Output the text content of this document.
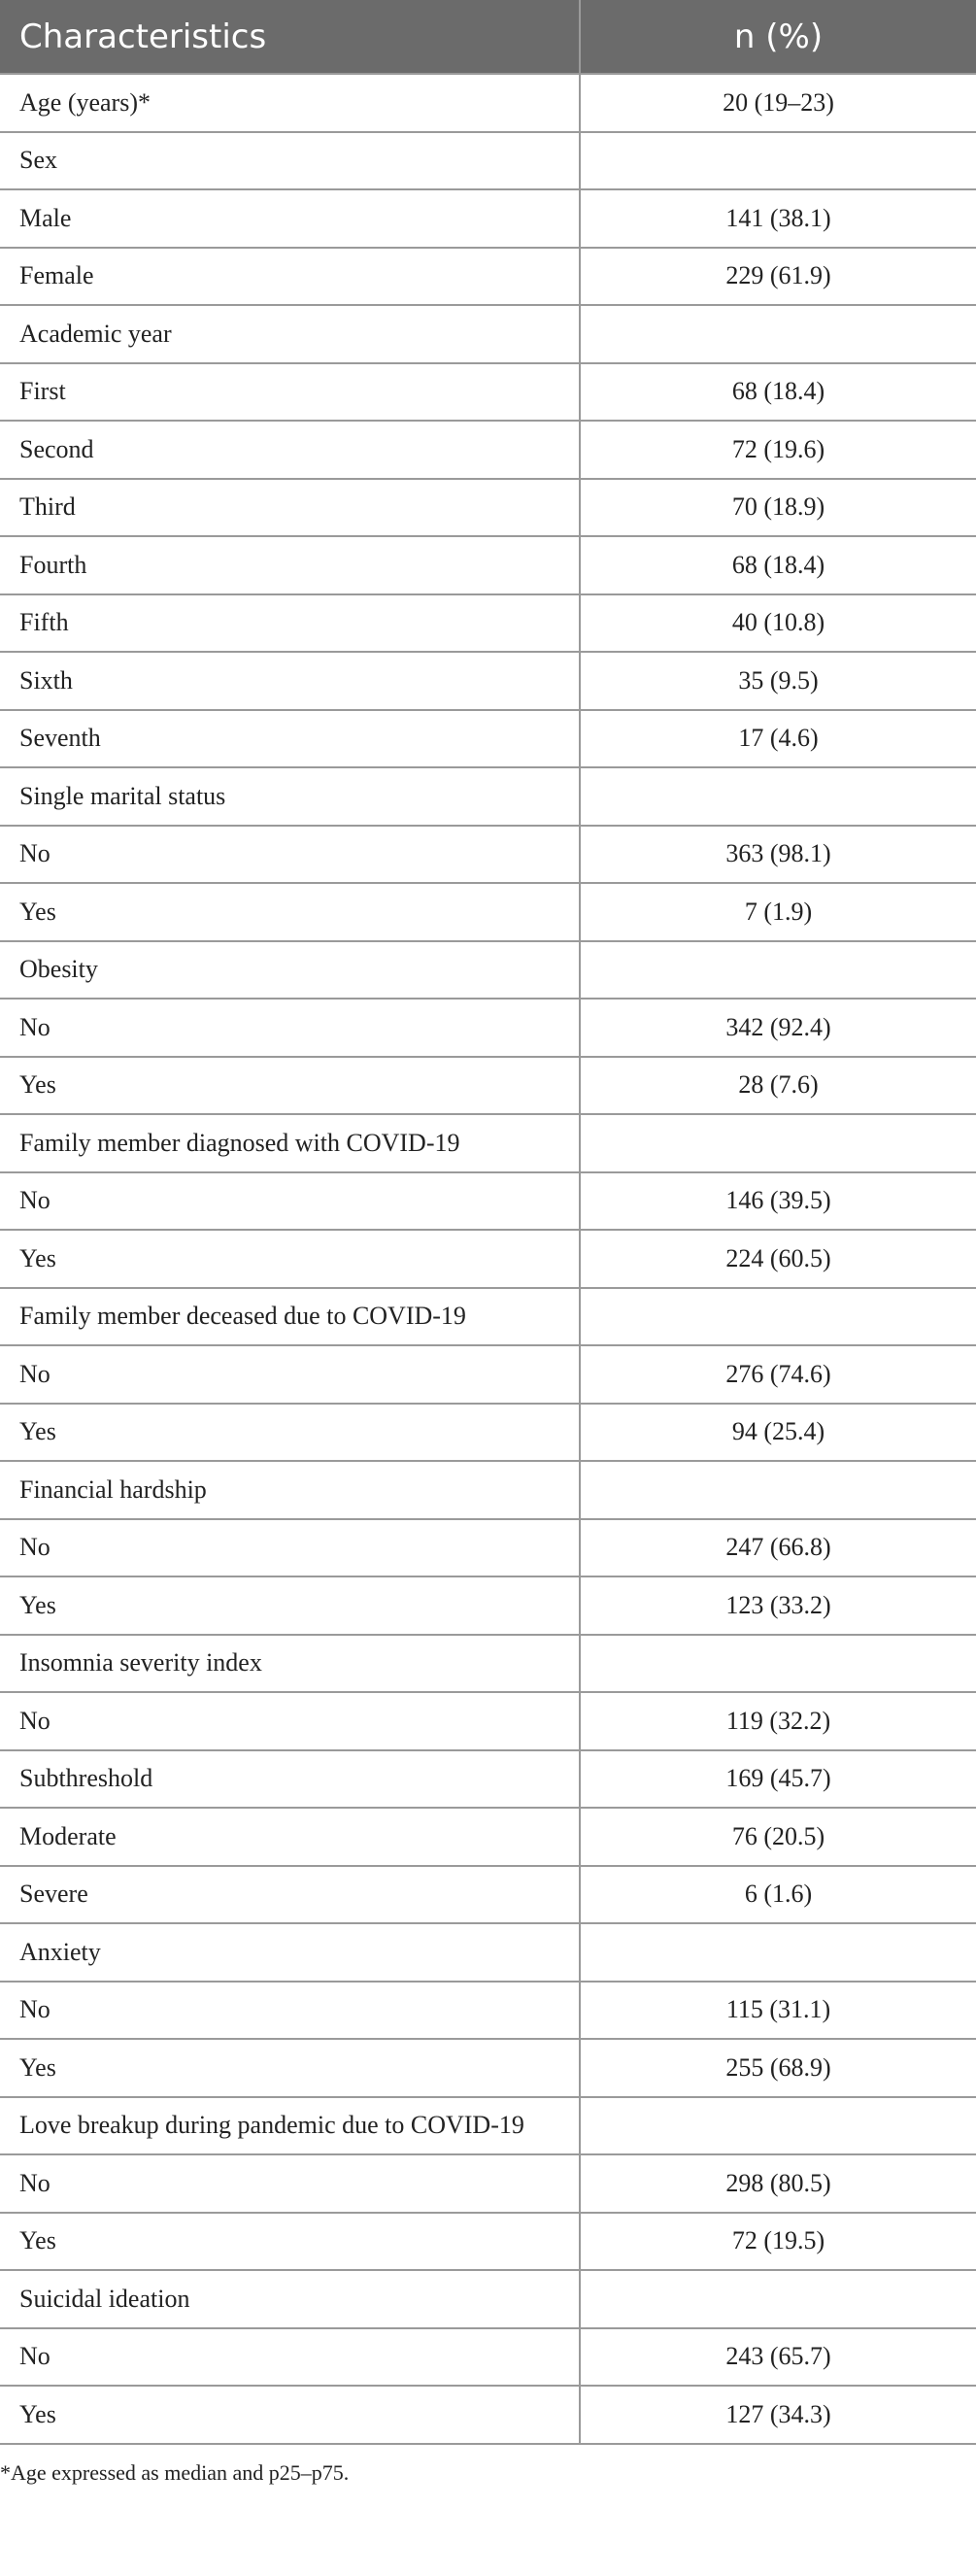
Characteristics	n (%)
Age (years)*	20 (19–23)
Sex	
Male	141 (38.1)
Female	229 (61.9)
Academic year	
First	68 (18.4)
Second	72 (19.6)
Third	70 (18.9)
Fourth	68 (18.4)
Fifth	40 (10.8)
Sixth	35 (9.5)
Seventh	17 (4.6)
Single marital status	
No	363 (98.1)
Yes	7 (1.9)
Obesity	
No	342 (92.4)
Yes	28 (7.6)
Family member diagnosed with COVID-19	
No	146 (39.5)
Yes	224 (60.5)
Family member deceased due to COVID-19	
No	276 (74.6)
Yes	94 (25.4)
Financial hardship	
No	247 (66.8)
Yes	123 (33.2)
Insomnia severity index	
No	119 (32.2)
Subthreshold	169 (45.7)
Moderate	76 (20.5)
Severe	6 (1.6)
Anxiety	
No	115 (31.1)
Yes	255 (68.9)
Love breakup during pandemic due to COVID-19	
No	298 (80.5)
Yes	72 (19.5)
Suicidal ideation	
No	243 (65.7)
Yes	127 (34.3)
*Age expressed as median and p25–p75.
